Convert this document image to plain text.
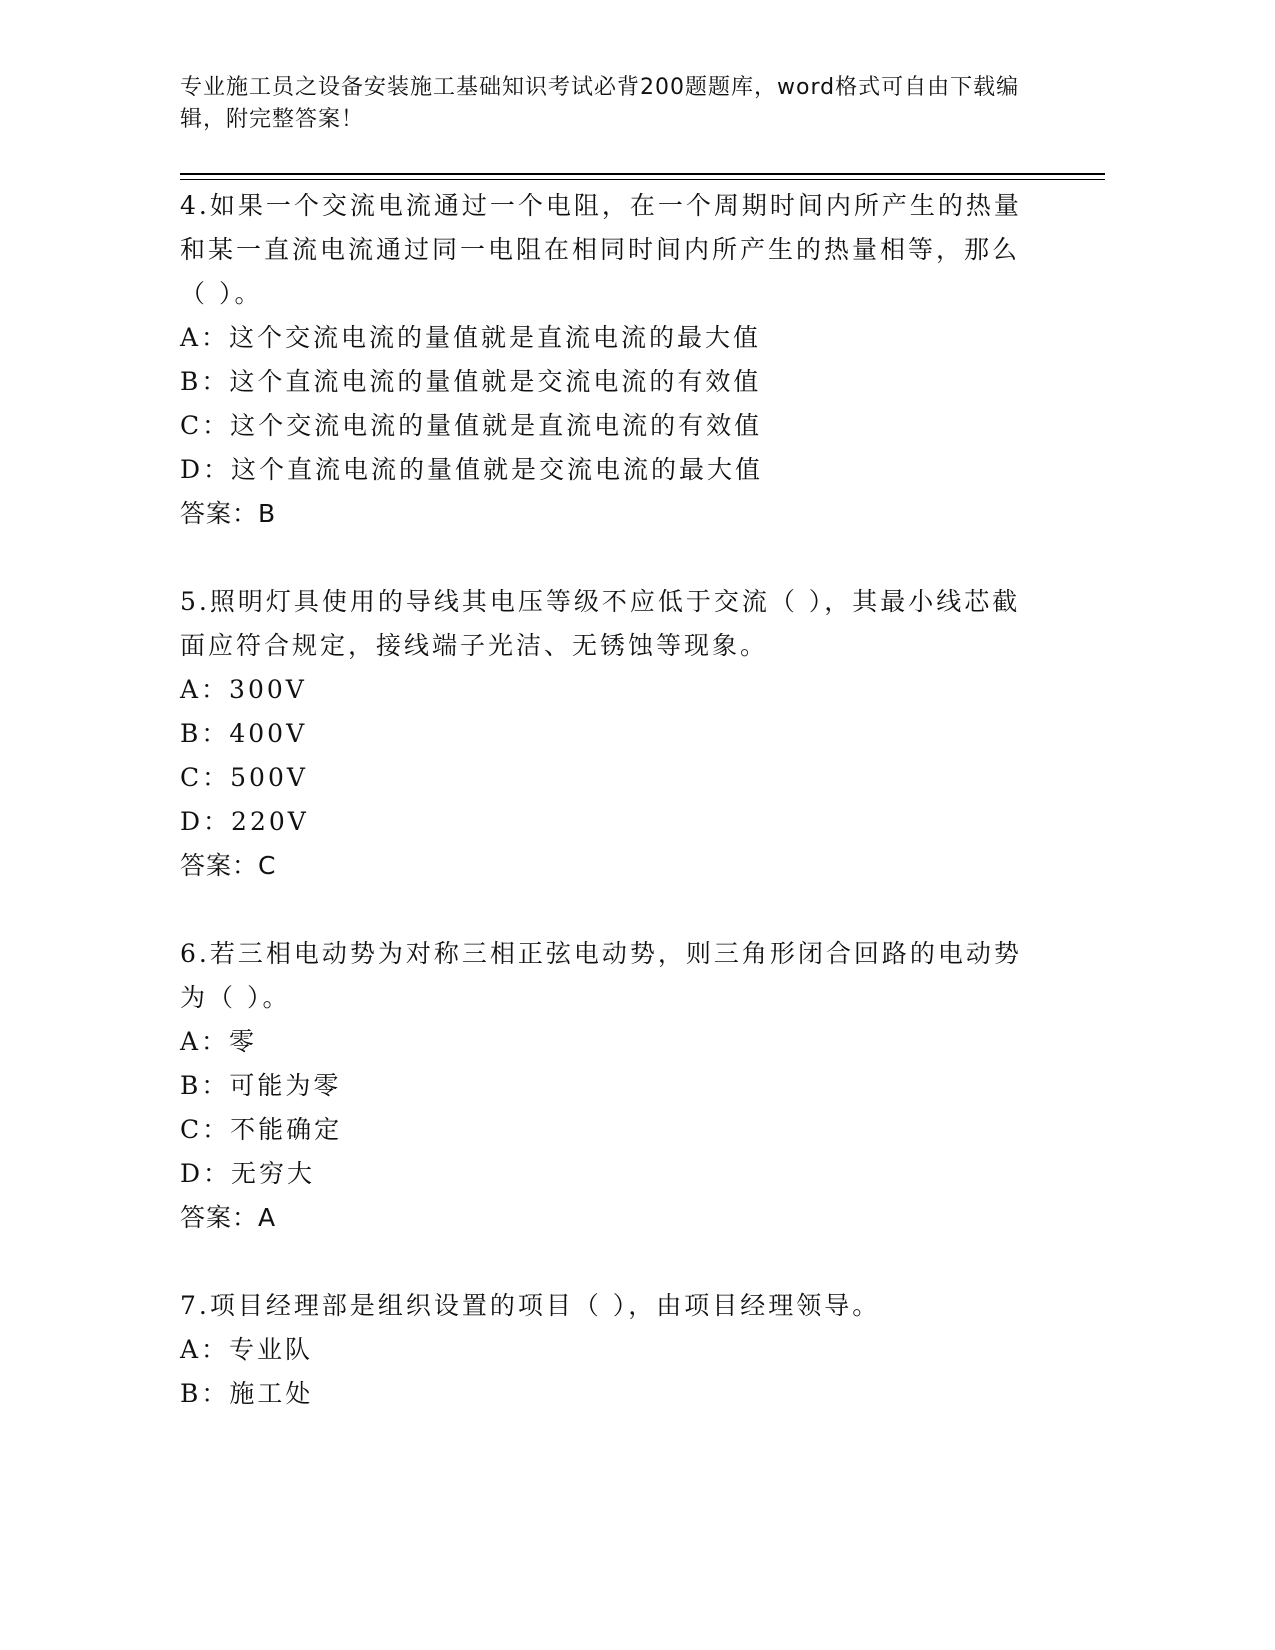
专业施工员之设备安装施工基础知识考试必背200题题库，word格式可自由下载编辑，附完整答案！
4.如果一个交流电流通过一个电阻，在一个周期时间内所产生的热量和某一直流电流通过同一电阻在相同时间内所产生的热量相等，那么（ ）。
A：这个交流电流的量值就是直流电流的最大值
B：这个直流电流的量值就是交流电流的有效值
C：这个交流电流的量值就是直流电流的有效值
D：这个直流电流的量值就是交流电流的最大值
答案：B
5.照明灯具使用的导线其电压等级不应低于交流（ ），其最小线芯截面应符合规定，接线端子光洁、无锈蚀等现象。
A：300V
B：400V
C：500V
D：220V
答案：C
6.若三相电动势为对称三相正弦电动势，则三角形闭合回路的电动势为（ ）。
A：零
B：可能为零
C：不能确定
D：无穷大
答案：A
7.项目经理部是组织设置的项目（ ），由项目经理领导。
A：专业队
B：施工处
